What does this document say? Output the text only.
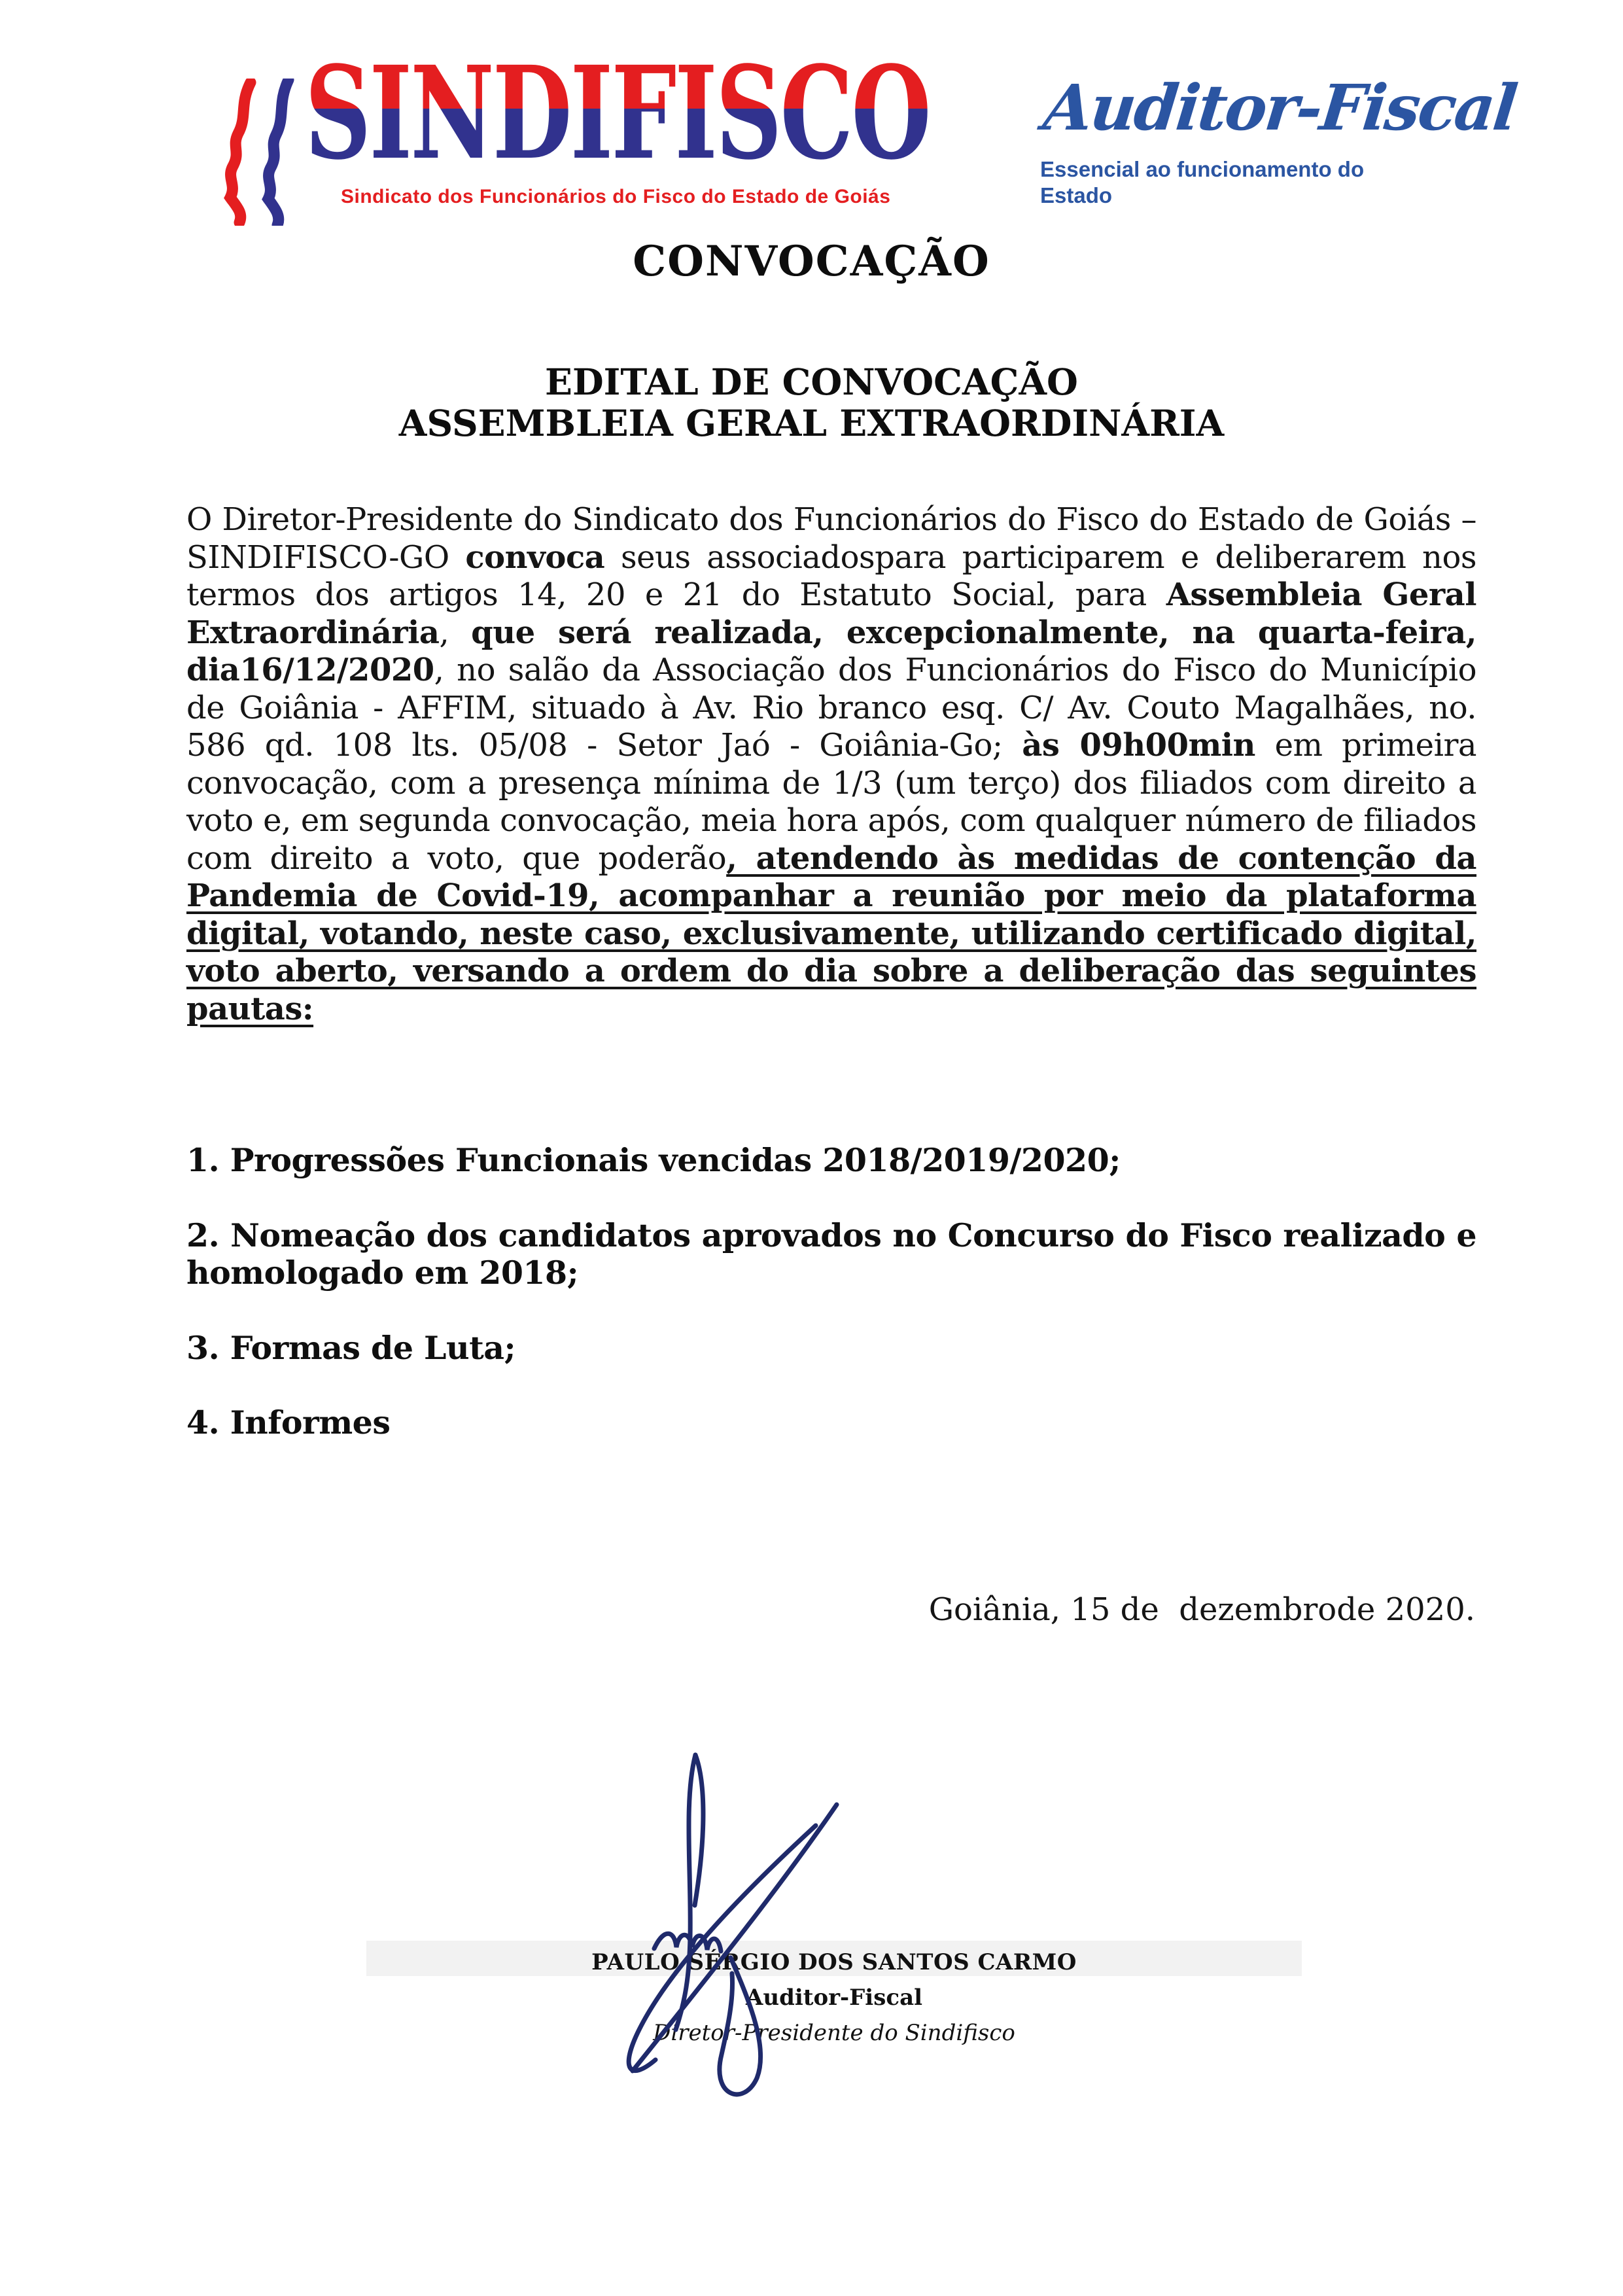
SINDIFISCO
Sindicato dos Funcionários do Fisco do Estado de Goiás
Auditor-Fiscal
Essencial ao funcionamento do
Estado
CONVOCAÇÃO
EDITAL DE CONVOCAÇÃO
ASSEMBLEIA GERAL EXTRAORDINÁRIA
O Diretor-Presidente do Sindicato dos Funcionários do Fisco do Estado de Goiás – SINDIFISCO-GO convoca seus associadospara participarem e deliberarem nos termos dos artigos 14, 20 e 21 do Estatuto Social, para Assembleia Geral Extraordinária, que será realizada, excepcionalmente, na quarta-feira, dia16/12/2020, no salão da Associação dos Funcionários do Fisco do Município de Goiânia - AFFIM, situado à Av. Rio branco esq. C/ Av. Couto Magalhães, no. 586 qd. 108 lts. 05/08 - Setor Jaó - Goiânia-Go; às 09h00min em primeira convocação, com a presença mínima de 1/3 (um terço) dos filiados com direito a voto e, em segunda convocação, meia hora após, com qualquer número de filiados com direito a voto, que poderão, atendendo às medidas de contenção da Pandemia de Covid-19, acompanhar a reunião por meio da plataforma digital, votando, neste caso, exclusivamente, utilizando certificado digital, voto aberto, versando a ordem do dia sobre a deliberação das seguintes pautas:

1. Progressões Funcionais vencidas 2018/2019/2020;

2. Nomeação dos candidatos aprovados no Concurso do Fisco realizado e homologado em 2018;

3. Formas de Luta;

4. Informes

Goiânia, 15 de  dezembrode 2020.
PAULO SÉRGIO DOS SANTOS CARMO
Auditor-Fiscal
Diretor-Presidente do Sindifisco
